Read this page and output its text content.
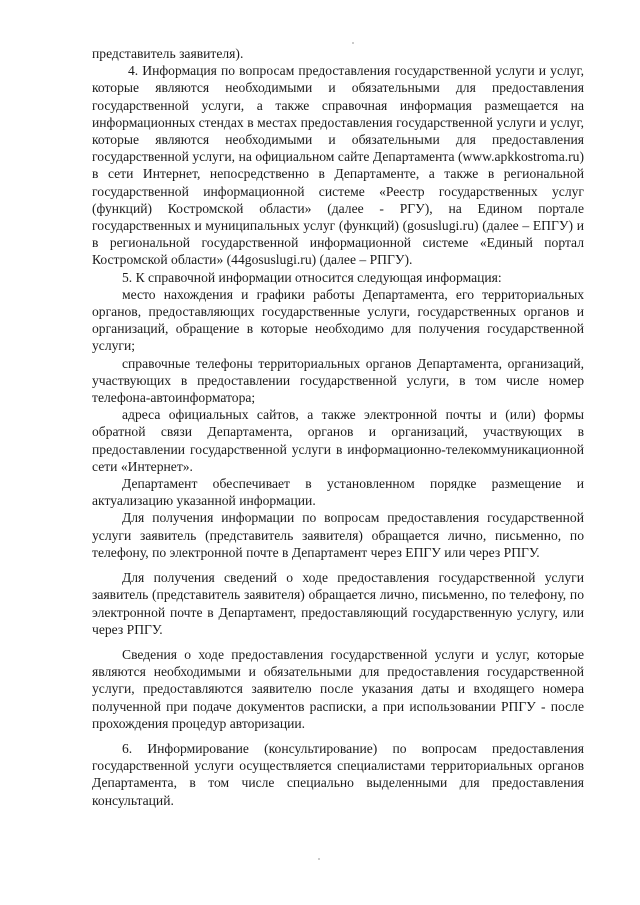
представитель заявителя).

4. Информация по вопросам предоставления государственной услуги и услуг, которые являются необходимыми и обязательными для предоставления государственной услуги, а также справочная информация размещается на информационных стендах в местах предоставления государственной услуги и услуг, которые являются необходимыми и обязательными для предоставления государственной услуги, на официальном сайте Департамента (www.apkkostroma.ru) в сети Интернет, непосредственно в Департаменте, а также в региональной государственной информационной системе «Реестр государственных услуг (функций) Костромской области» (далее - РГУ), на Едином портале государственных и муниципальных услуг (функций) (gosuslugi.ru) (далее – ЕПГУ) и в региональной государственной информационной системе «Единый портал Костромской области» (44gosuslugi.ru) (далее – РПГУ).

5. К справочной информации относится следующая информация:

место нахождения и графики работы Департамента, его территориальных органов, предоставляющих государственные услуги, государственных органов и организаций, обращение в которые необходимо для получения государственной услуги;

справочные телефоны территориальных органов Департамента, организаций, участвующих в предоставлении государственной услуги, в том числе номер телефона-автоинформатора;

адреса официальных сайтов, а также электронной почты и (или) формы обратной связи Департамента, органов и организаций, участвующих в предоставлении государственной услуги в информационно-телекоммуникационной сети «Интернет».

Департамент обеспечивает в установленном порядке размещение и актуализацию указанной информации.

Для получения информации по вопросам предоставления государственной услуги заявитель (представитель заявителя) обращается лично, письменно, по телефону, по электронной почте в Департамент через ЕПГУ или через РПГУ.

Для получения сведений о ходе предоставления государственной услуги заявитель (представитель заявителя) обращается лично, письменно, по телефону, по электронной почте в Департамент, предоставляющий государственную услугу, или через РПГУ.

Сведения о ходе предоставления государственной услуги и услуг, которые являются необходимыми и обязательными для предоставления государственной услуги, предоставляются заявителю после указания даты и входящего номера полученной при подаче документов расписки, а при использовании РПГУ - после прохождения процедур авторизации.

6. Информирование (консультирование) по вопросам предоставления государственной услуги осуществляется специалистами территориальных органов Департамента, в том числе специально выделенными для предоставления консультаций.
